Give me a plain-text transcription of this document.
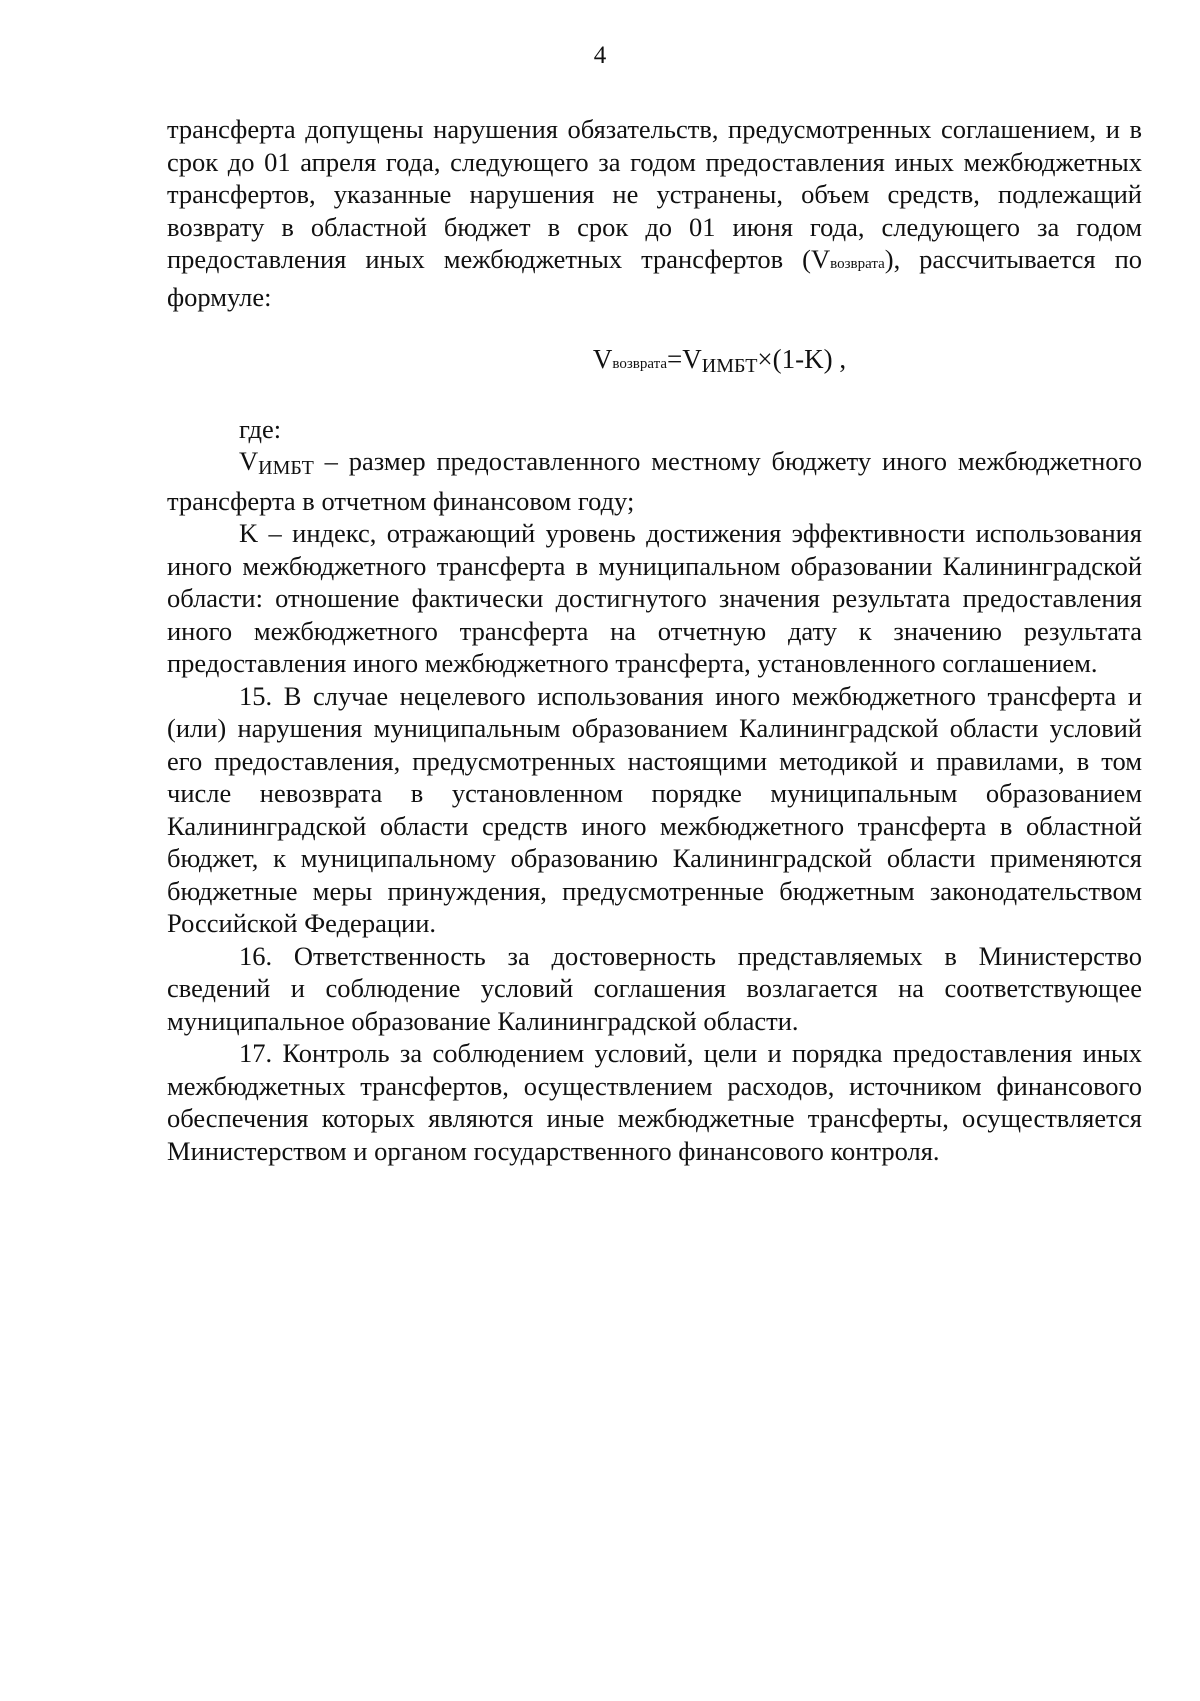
4

трансферта допущены нарушения обязательств, предусмотренных соглашением, и в срок до 01 апреля года, следующего за годом предоставления иных межбюджетных трансфертов, указанные нарушения не устранены, объем средств, подлежащий возврату в областной бюджет в срок до 01 июня года, следующего за годом предоставления иных межбюджетных трансфертов (Vвозврата), рассчитывается по формуле:

Vвозврата=VИМБТ×(1-K) ,

где:

VИМБТ – размер предоставленного местному бюджету иного межбюджетного трансферта в отчетном финансовом году;

K – индекс, отражающий уровень достижения эффективности использования иного межбюджетного трансферта в муниципальном образовании Калининградской области: отношение фактически достигнутого значения результата предоставления иного межбюджетного трансферта на отчетную дату к значению результата предоставления иного межбюджетного трансферта, установленного соглашением.

15. В случае нецелевого использования иного межбюджетного трансферта и (или) нарушения муниципальным образованием Калининградской области условий его предоставления, предусмотренных настоящими методикой и правилами, в том числе невозврата в установленном порядке муниципальным образованием Калининградской области средств иного межбюджетного трансферта в областной бюджет, к муниципальному образованию Калининградской области применяются бюджетные меры принуждения, предусмотренные бюджетным законодательством Российской Федерации.

16. Ответственность за достоверность представляемых в Министерство сведений и соблюдение условий соглашения возлагается на соответствующее муниципальное образование Калининградской области.

17. Контроль за соблюдением условий, цели и порядка предоставления иных межбюджетных трансфертов, осуществлением расходов, источником финансового обеспечения которых являются иные межбюджетные трансферты, осуществляется Министерством и органом государственного финансового контроля.
